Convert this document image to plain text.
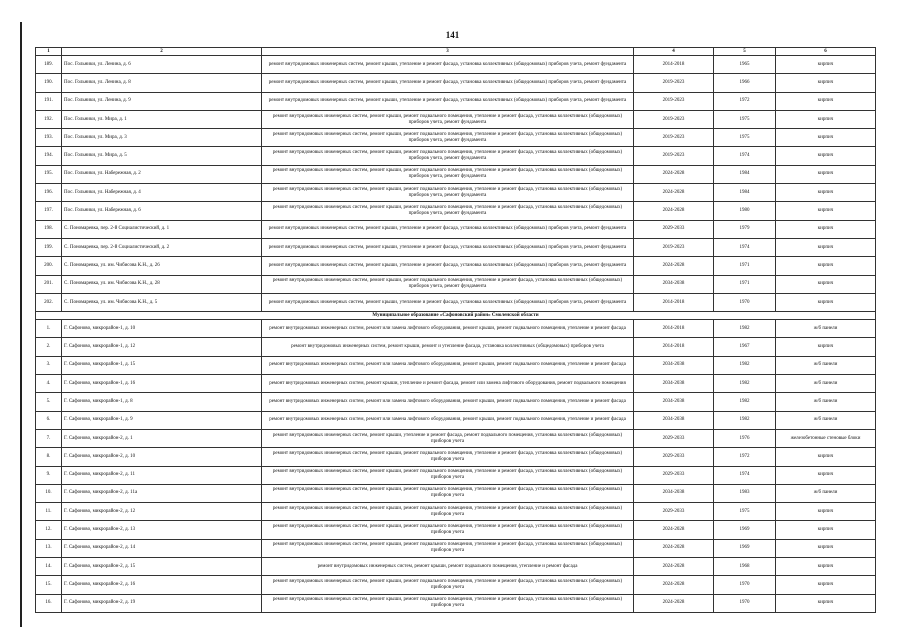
141
1	2	3	4	5	6
189.	Пос. Гольники, ул. Ленина, д. 6	ремонт внутридомовых инженерных систем, ремонт крыши, утепление и ремонт фасада, установка коллективных (общедомовых) приборов учета, ремонт фундамента	2014-2018	1965	кирпич
190.	Пос. Гольники, ул. Ленина, д. 8	ремонт внутридомовых инженерных систем, ремонт крыши, утепление и ремонт фасада, установка коллективных (общедомовых) приборов учета, ремонт фундамента	2019-2023	1966	кирпич
191.	Пос. Гольники, ул. Ленина, д. 9	ремонт внутридомовых инженерных систем, ремонт крыши, утепление и ремонт фасада, установка коллективных (общедомовых) приборов учета, ремонт фундамента	2019-2023	1972	кирпич
192.	Пос. Гольники, ул. Мира, д. 1	ремонт внутридомовых инженерных систем, ремонт крыши, ремонт подвального помещения, утепление и ремонт фасада, установка коллективных (общедомовых) приборов учета, ремонт фундамента	2019-2023	1975	кирпич
193.	Пос. Гольники, ул. Мира, д. 3	ремонт внутридомовых инженерных систем, ремонт крыши, ремонт подвального помещения, утепление и ремонт фасада, установка коллективных (общедомовых) приборов учета, ремонт фундамента	2019-2023	1975	кирпич
194.	Пос. Гольники, ул. Мира, д. 5	ремонт внутридомовых инженерных систем, ремонт крыши, ремонт подвального помещения, утепление и ремонт фасада, установка коллективных (общедомовых) приборов учета, ремонт фундамента	2019-2023	1974	кирпич
195.	Пос. Гольники, ул. Набережная, д. 2	ремонт внутридомовых инженерных систем, ремонт крыши, ремонт подвального помещения, утепление и ремонт фасада, установка коллективных (общедомовых) приборов учета, ремонт фундамента	2024-2028	1984	кирпич
196.	Пос. Гольники, ул. Набережная, д. 4	ремонт внутридомовых инженерных систем, ремонт крыши, ремонт подвального помещения, утепление и ремонт фасада, установка коллективных (общедомовых) приборов учета, ремонт фундамента	2024-2028	1984	кирпич
197.	Пос. Гольники, ул. Набережная, д. 6	ремонт внутридомовых инженерных систем, ремонт крыши, ремонт подвального помещения, утепление и ремонт фасада, установка коллективных (общедомовых) приборов учета, ремонт фундамента	2024-2028	1980	кирпич
198.	С. Пономаревка, пер. 2-й Социалистический, д. 1	ремонт внутридомовых инженерных систем, ремонт крыши, утепление и ремонт фасада, установка коллективных (общедомовых) приборов учета, ремонт фундамента	2029-2033	1979	кирпич
199.	С. Пономаревка, пер. 2-й Социалистический, д. 2	ремонт внутридомовых инженерных систем, ремонт крыши, утепление и ремонт фасада, установка коллективных (общедомовых) приборов учета, ремонт фундамента	2019-2023	1974	кирпич
200.	С. Пономаревка, ул. им. Чибисова К.Н., д. 26	ремонт внутридомовых инженерных систем, ремонт крыши, утепление и ремонт фасада, установка коллективных (общедомовых) приборов учета, ремонт фундамента	2024-2028	1971	кирпич
201.	С. Пономаревка, ул. им. Чибисова К.Н., д. 28	ремонт внутридомовых инженерных систем, ремонт крыши, ремонт подвального помещения, утепление и ремонт фасада, установка коллективных (общедомовых) приборов учета, ремонт фундамента	2034-2038	1971	кирпич
202.	С. Пономаревка, ул. им. Чибисова К.Н., д. 5	ремонт внутридомовых инженерных систем, ремонт крыши, утепление и ремонт фасада, установка коллективных (общедомовых) приборов учета, ремонт фундамента	2014-2018	1970	кирпич
Муниципальное образование «Сафоновский район» Смоленской области					
1.	Г. Сафоново, микрорайон-1, д. 10	ремонт внутридомовых инженерных систем, ремонт или замена лифтового оборудования, ремонт крыши, ремонт подвального помещения, утепление и ремонт фасада	2014-2018	1982	ж/б панели
2.	Г. Сафоново, микрорайон-1, д. 12	ремонт внутридомовых инженерных систем, ремонт крыши, ремонт и утепление фасада, установка коллективных (общедомовых) приборов учета	2014-2018	1967	кирпич
3.	Г. Сафоново, микрорайон-1, д. 15	ремонт внутридомовых инженерных систем, ремонт или замена лифтового оборудования, ремонт крыши, ремонт подвального помещения, утепление и ремонт фасада	2034-2038	1982	ж/б панели
4.	Г. Сафоново, микрорайон-1, д. 16	ремонт внутридомовых инженерных систем, ремонт крыши, утепление и ремонт фасада, ремонт или замена лифтового оборудования, ремонт подвального помещения	2034-2038	1982	ж/б панели
5.	Г. Сафоново, микрорайон-1, д. 8	ремонт внутридомовых инженерных систем, ремонт или замена лифтового оборудования, ремонт крыши, ремонт подвального помещения, утепление и ремонт фасада	2034-2038	1982	ж/б панели
6.	Г. Сафоново, микрорайон-1, д. 9	ремонт внутридомовых инженерных систем, ремонт или замена лифтового оборудования, ремонт крыши, ремонт подвального помещения, утепление и ремонт фасада	2034-2038	1982	ж/б панели
7.	Г. Сафоново, микрорайон-2, д. 1	ремонт внутридомовых инженерных систем, ремонт крыши, утепление и ремонт фасада, ремонт подвального помещения, установка коллективных (общедомовых) приборов учета	2029-2033	1976	железобетонные стеновые блоки
8.	Г. Сафоново, микрорайон-2, д. 10	ремонт внутридомовых инженерных систем, ремонт крыши, ремонт подвального помещения, утепление и ремонт фасада, установка коллективных (общедомовых) приборов учета	2029-2033	1972	кирпич
9.	Г. Сафоново, микрорайон-2, д. 11	ремонт внутридомовых инженерных систем, ремонт крыши, ремонт подвального помещения, утепление и ремонт фасада, установка коллективных (общедомовых) приборов учета	2029-2033	1974	кирпич
10.	Г. Сафоново, микрорайон-2, д. 11а	ремонт внутридомовых инженерных систем, ремонт крыши, ремонт подвального помещения, утепление и ремонт фасада, установка коллективных (общедомовых) приборов учета	2034-2038	1983	ж/б панели
11.	Г. Сафоново, микрорайон-2, д. 12	ремонт внутридомовых инженерных систем, ремонт крыши, ремонт подвального помещения, утепление и ремонт фасада, установка коллективных (общедомовых) приборов учета	2029-2033	1975	кирпич
12.	Г. Сафоново, микрорайон-2, д. 13	ремонт внутридомовых инженерных систем, ремонт крыши, ремонт подвального помещения, утепление и ремонт фасада, установка коллективных (общедомовых) приборов учета	2024-2028	1969	кирпич
13.	Г. Сафоново, микрорайон-2, д. 14	ремонт внутридомовых инженерных систем, ремонт крыши, ремонт подвального помещения, утепление и ремонт фасада, установка коллективных (общедомовых) приборов учета	2024-2028	1969	кирпич
14.	Г. Сафоново, микрорайон-2, д. 15	ремонт внутридомовых инженерных систем, ремонт крыши, ремонт подвального помещения, утепление и ремонт фасада	2024-2028	1968	кирпич
15.	Г. Сафоново, микрорайон-2, д. 16	ремонт внутридомовых инженерных систем, ремонт крыши, ремонт подвального помещения, утепление и ремонт фасада, установка коллективных (общедомовых) приборов учета	2024-2028	1970	кирпич
16.	Г. Сафоново, микрорайон-2, д. 19	ремонт внутридомовых инженерных систем, ремонт крыши, ремонт подвального помещения, утепление и ремонт фасада, установка коллективных (общедомовых) приборов учета	2024-2028	1970	кирпич
